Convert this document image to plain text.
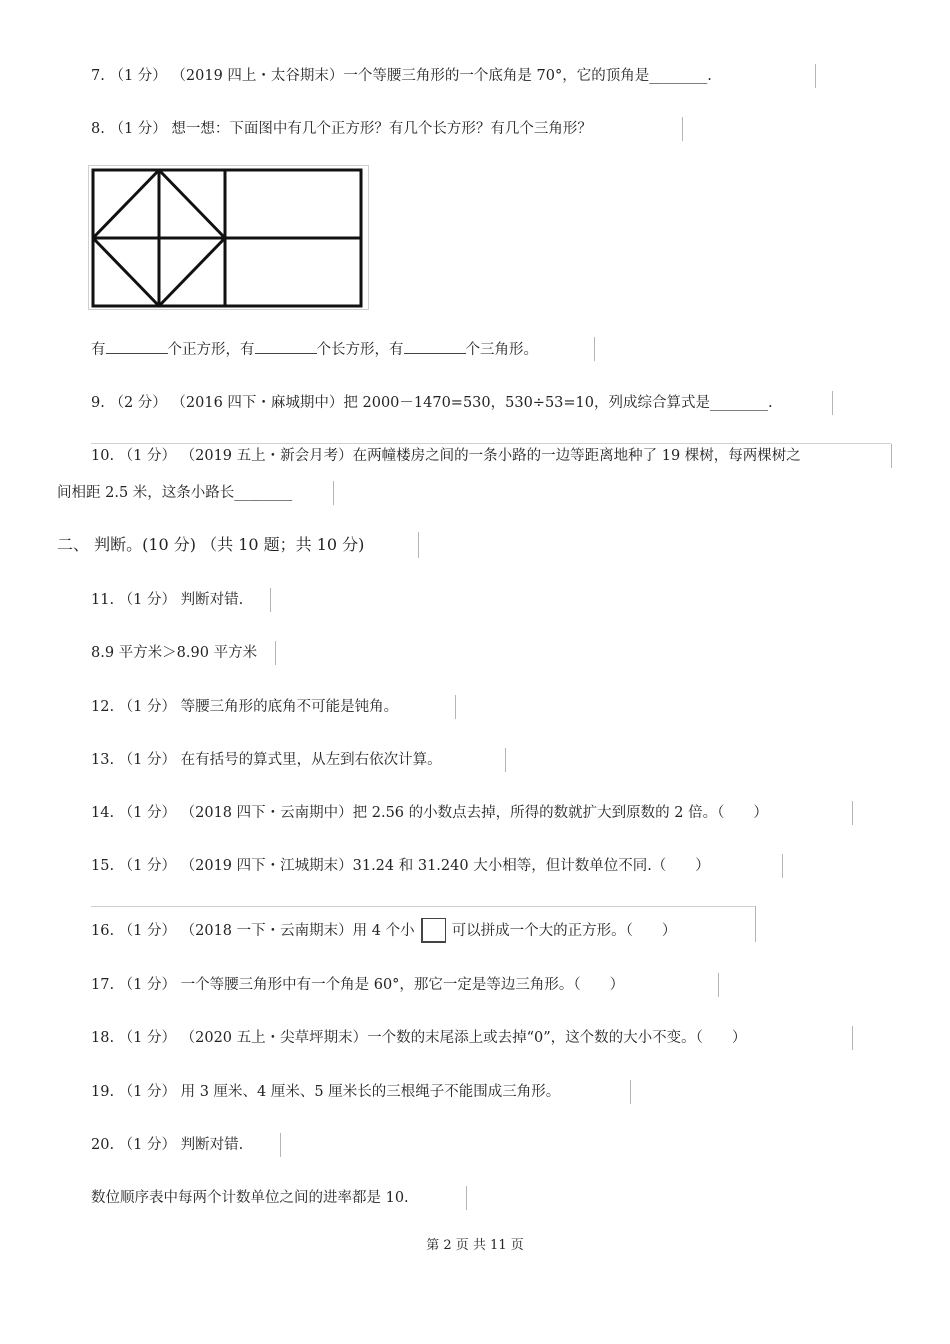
7. （1 分） （2019 四上・太谷期末）一个等腰三角形的一个底角是 70°，它的顶角是________.
8. （1 分） 想一想：下面图中有几个正方形？有几个长方形？有几个三角形？
有	个正方形，有	个长方形，有	个三角形。
9. （2 分） （2016 四下・麻城期中）把 2000－1470=530，530÷53=10，列成综合算式是________.
10. （1 分） （2019 五上・新会月考）在两幢楼房之间的一条小路的一边等距离地种了 19 棵树，每两棵树之
间相距 2.5 米，这条小路长________
二、 判断。(10 分) （共 10 题；共 10 分)
11. （1 分） 判断对错.
8.9 平方米＞8.90 平方米
12. （1 分） 等腰三角形的底角不可能是钝角。
13. （1 分） 在有括号的算式里，从左到右依次计算。
14. （1 分） （2018 四下・云南期中）把 2.56 的小数点去掉，所得的数就扩大到原数的 2 倍。（　　）
15. （1 分） （2019 四下・江城期末）31.24 和 31.240 大小相等，但计数单位不同.（　　）
16. （1 分） （2018 一下・云南期末）用 4 个小	可以拼成一个大的正方形。（　　）
17. （1 分） 一个等腰三角形中有一个角是 60°，那它一定是等边三角形。（　　）
18. （1 分） （2020 五上・尖草坪期末）一个数的末尾添上或去掉“0”，这个数的大小不变。（　　）
19. （1 分） 用 3 厘米、4 厘米、5 厘米长的三根绳子不能围成三角形。
20. （1 分） 判断对错.
数位顺序表中每两个计数单位之间的进率都是 10.
第 2 页 共 11 页
